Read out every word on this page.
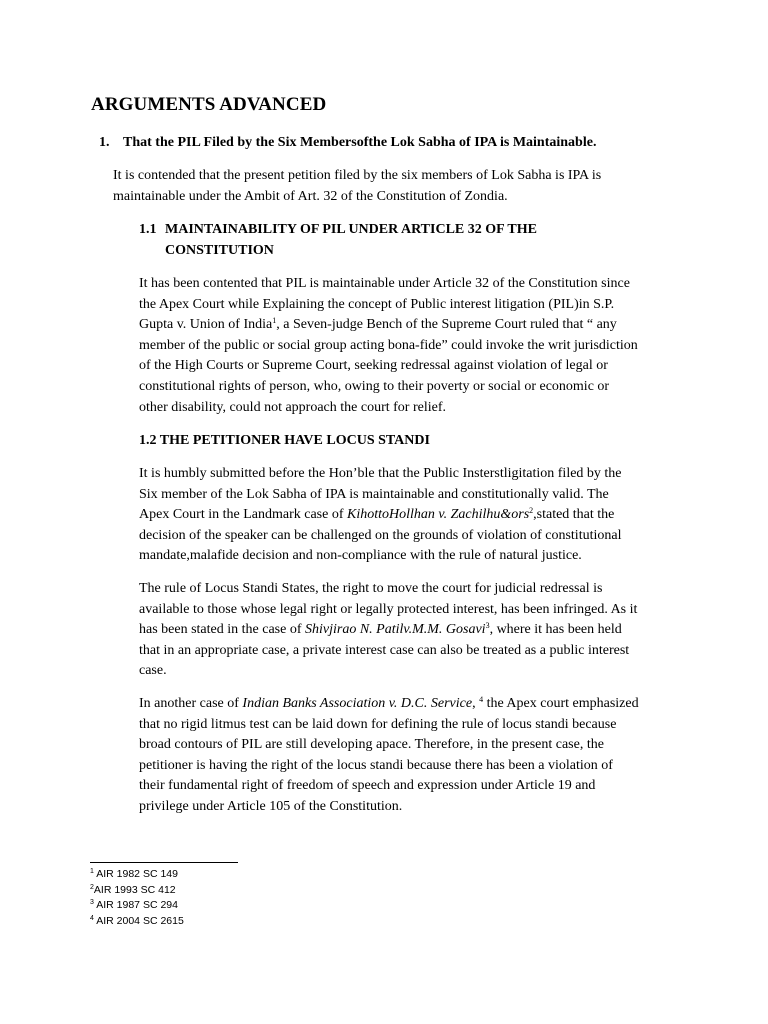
ARGUMENTS ADVANCED

1. That the PIL Filed by the Six Membersofthe Lok Sabha of IPA is Maintainable.

It is contended that the present petition filed by the six members of Lok Sabha is IPA is
maintainable under the Ambit of Art. 32 of the Constitution of Zondia.
1.1 MAINTAINABILITY OF PIL UNDER ARTICLE 32 OF THE
CONSTITUTION
It has been contented that PIL is maintainable under Article 32 of the Constitution since
the Apex Court while Explaining the concept of Public interest litigation (PIL)in S.P.
Gupta v. Union of India$^1$, a Seven-judge Bench of the Supreme Court ruled that “ any
member of the public or social group acting bona-fide” could invoke the writ jurisdiction
of the High Courts or Supreme Court, seeking redressal against violation of legal or
constitutional rights of person, who, owing to their poverty or social or economic or
other disability, could not approach the court for relief.
1.2 THE PETITIONER HAVE LOCUS STANDI
It is humbly submitted before the Hon’ble that the Public Insterstligitation filed by the
Six member of the Lok Sabha of IPA is maintainable and constitutionally valid. The
Apex Court in the Landmark case of KihottoHollhan v. Zachilhu&ors$^2$,stated that the
decision of the speaker can be challenged on the grounds of violation of constitutional
mandate,malafide decision and non-compliance with the rule of natural justice.
The rule of Locus Standi States, the right to move the court for judicial redressal is
available to those whose legal right or legally protected interest, has been infringed. As it
has been stated in the case of Shivjirao N. Patilv.M.M. Gosavi$^3$, where it has been held
that in an appropriate case, a private interest case can also be treated as a public interest
case.
In another case of Indian Banks Association v. D.C. Service, $^4$ the Apex court emphasized
that no rigid litmus test can be laid down for defining the rule of locus standi because
broad contours of PIL are still developing apace. Therefore, in the present case, the
petitioner is having the right of the locus standi because there has been a violation of
their fundamental right of freedom of speech and expression under Article 19 and
privilege under Article 105 of the Constitution.
$^1$ AIR 1982 SC 149
$^2$AIR 1993 SC 412
$^3$ AIR 1987 SC 294
$^4$ AIR 2004 SC 2615
